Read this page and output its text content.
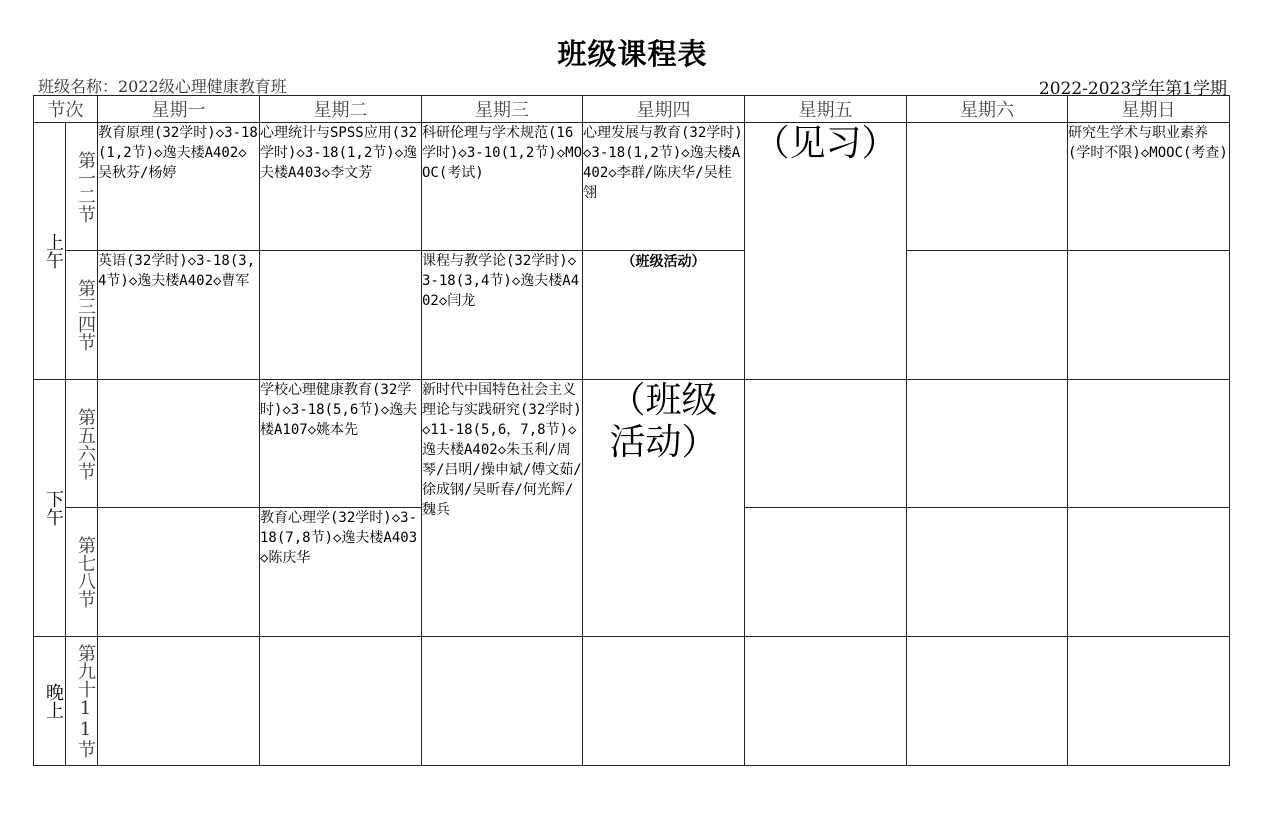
班级课程表
班级名称：2022级心理健康教育班	2022-2023学年第1学期
节次		星期一	星期二	星期三	星期四	星期五	星期六	星期日
上午	第一二节	教育原理(32学时)◇3-18(1,2节)◇逸夫楼A402◇吴秋芬/杨婷	心理统计与SPSS应用(32学时)◇3-18(1,2节)◇逸夫楼A403◇李文芳	科研伦理与学术规范(16学时)◇3-10(1,2节)◇MOOC(考试)	心理发展与教育(32学时)◇3-18(1,2节)◇逸夫楼A402◇李群/陈庆华/吴桂翎	（见习）		研究生学术与职业素养(学时不限)◇MOOC(考查)
	第三四节	英语(32学时)◇3-18(3,4节)◇逸夫楼A402◇曹军		课程与教学论(32学时)◇3-18(3,4节)◇逸夫楼A402◇闫龙	（班级活动）			
下午	第五六节		学校心理健康教育(32学时)◇3-18(5,6节)◇逸夫楼A107◇姚本先	新时代中国特色社会主义理论与实践研究(32学时)◇11-18(5,6，7,8节)◇逸夫楼A402◇朱玉利/周琴/吕明/操申斌/傅文茹/徐成钢/吴昕春/何光辉/魏兵	（班级活动）			
	第七八节		教育心理学(32学时)◇3-18(7,8节)◇逸夫楼A403◇陈庆华					
晚上	第九十11节							
